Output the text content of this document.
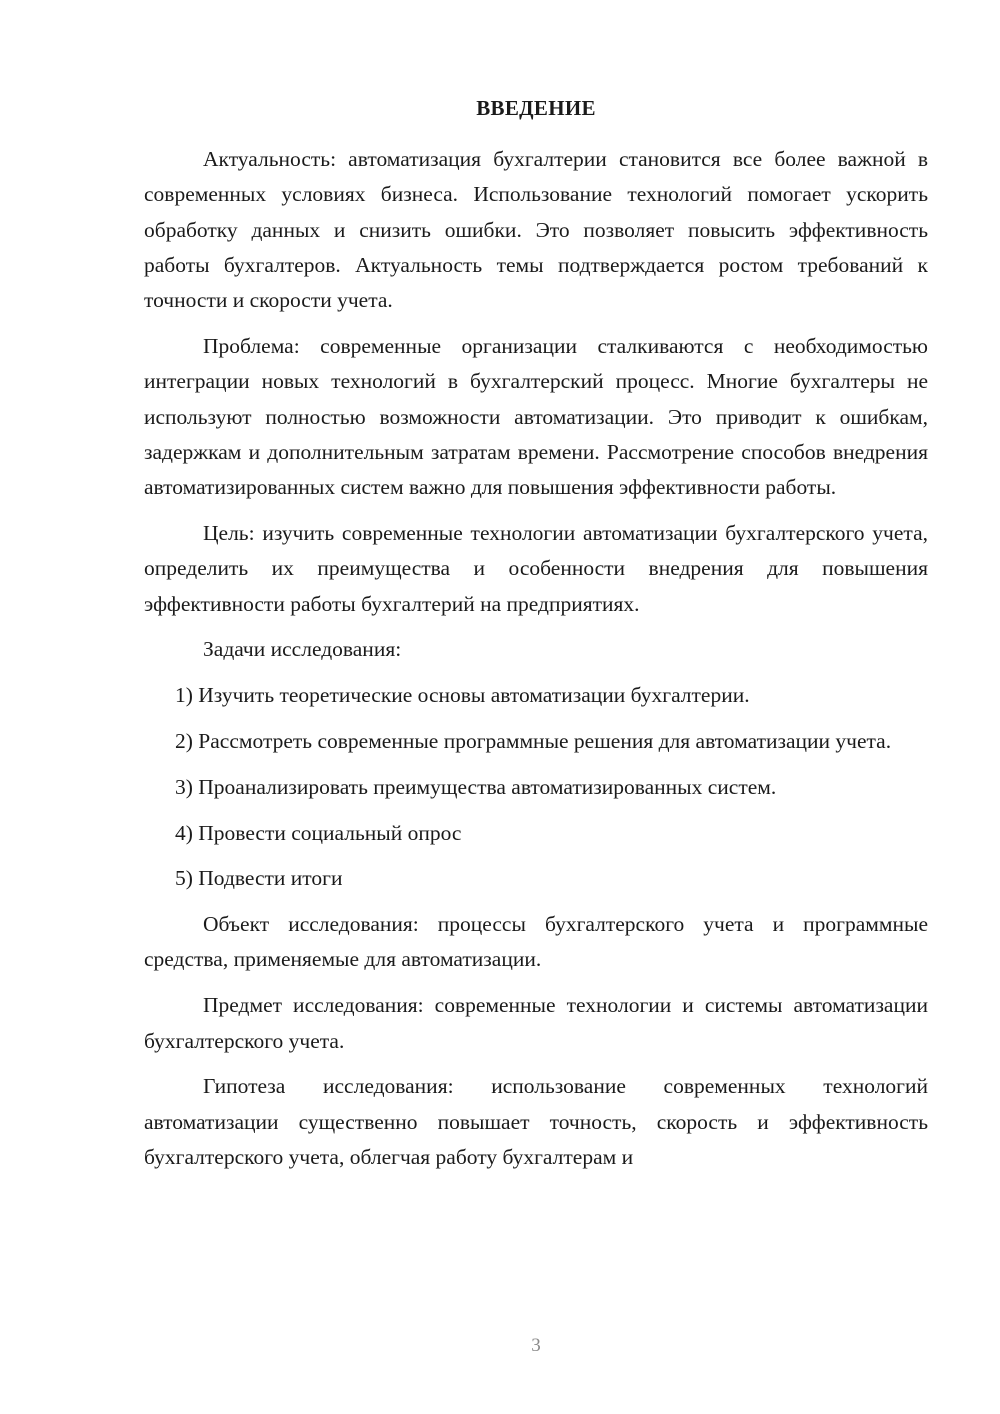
ВВЕДЕНИЕ

Актуальность: автоматизация бухгалтерии становится все более важной в современных условиях бизнеса. Использование технологий помогает ускорить обработку данных и снизить ошибки. Это позволяет повысить эффективность работы бухгалтеров. Актуальность темы подтверждается ростом требований к точности и скорости учета.

Проблема: современные организации сталкиваются с необходимостью интеграции новых технологий в бухгалтерский процесс. Многие бухгалтеры не используют полностью возможности автоматизации. Это приводит к ошибкам, задержкам и дополнительным затратам времени. Рассмотрение способов внедрения автоматизированных систем важно для повышения эффективности работы.

Цель: изучить современные технологии автоматизации бухгалтерского учета, определить их преимущества и особенности внедрения для повышения эффективности работы бухгалтерий на предприятиях.

Задачи исследования:

1) Изучить теоретические основы автоматизации бухгалтерии.

2) Рассмотреть современные программные решения для автоматизации учета.

3) Проанализировать преимущества автоматизированных систем.

4) Провести социальный опрос

5) Подвести итоги

Объект исследования: процессы бухгалтерского учета и программные средства, применяемые для автоматизации.

Предмет исследования: современные технологии и системы автоматизации бухгалтерского учета.

Гипотеза исследования: использование современных технологий автоматизации существенно повышает точность, скорость и эффективность бухгалтерского учета, облегчая работу бухгалтерам и

3
